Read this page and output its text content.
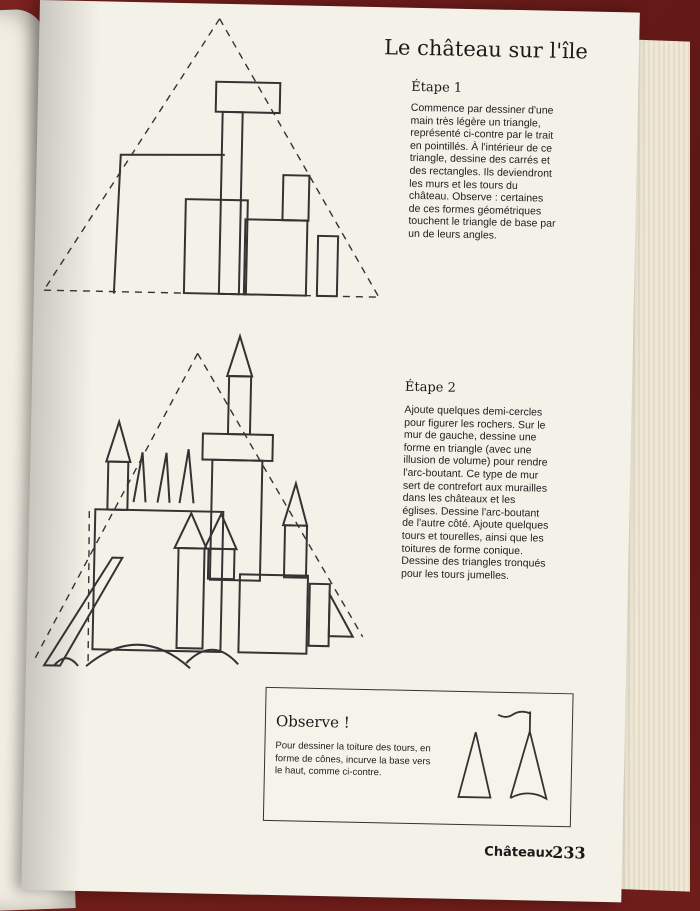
Le château sur l'île
Étape 1
Commence par dessiner d'une main très légère un triangle, représenté ci-contre par le trait en pointillés. À l'intérieur de ce triangle, dessine des carrés et des rectangles. Ils deviendront les murs et les tours du château. Observe : certaines de ces formes géométriques touchent le triangle de base par un de leurs angles.
Étape 2
Ajoute quelques demi-cercles pour figurer les rochers. Sur le mur de gauche, dessine une forme en triangle (avec une illusion de volume) pour rendre l'arc-boutant. Ce type de mur sert de contrefort aux murailles dans les châteaux et les églises. Dessine l'arc-boutant de l'autre côté. Ajoute quelques tours et tourelles, ainsi que les toitures de forme conique. Dessine des triangles tronqués pour les tours jumelles.
Observe !
Pour dessiner la toiture des tours, en forme de cônes, incurve la base vers le haut, comme ci-contre.
Châteaux
233
